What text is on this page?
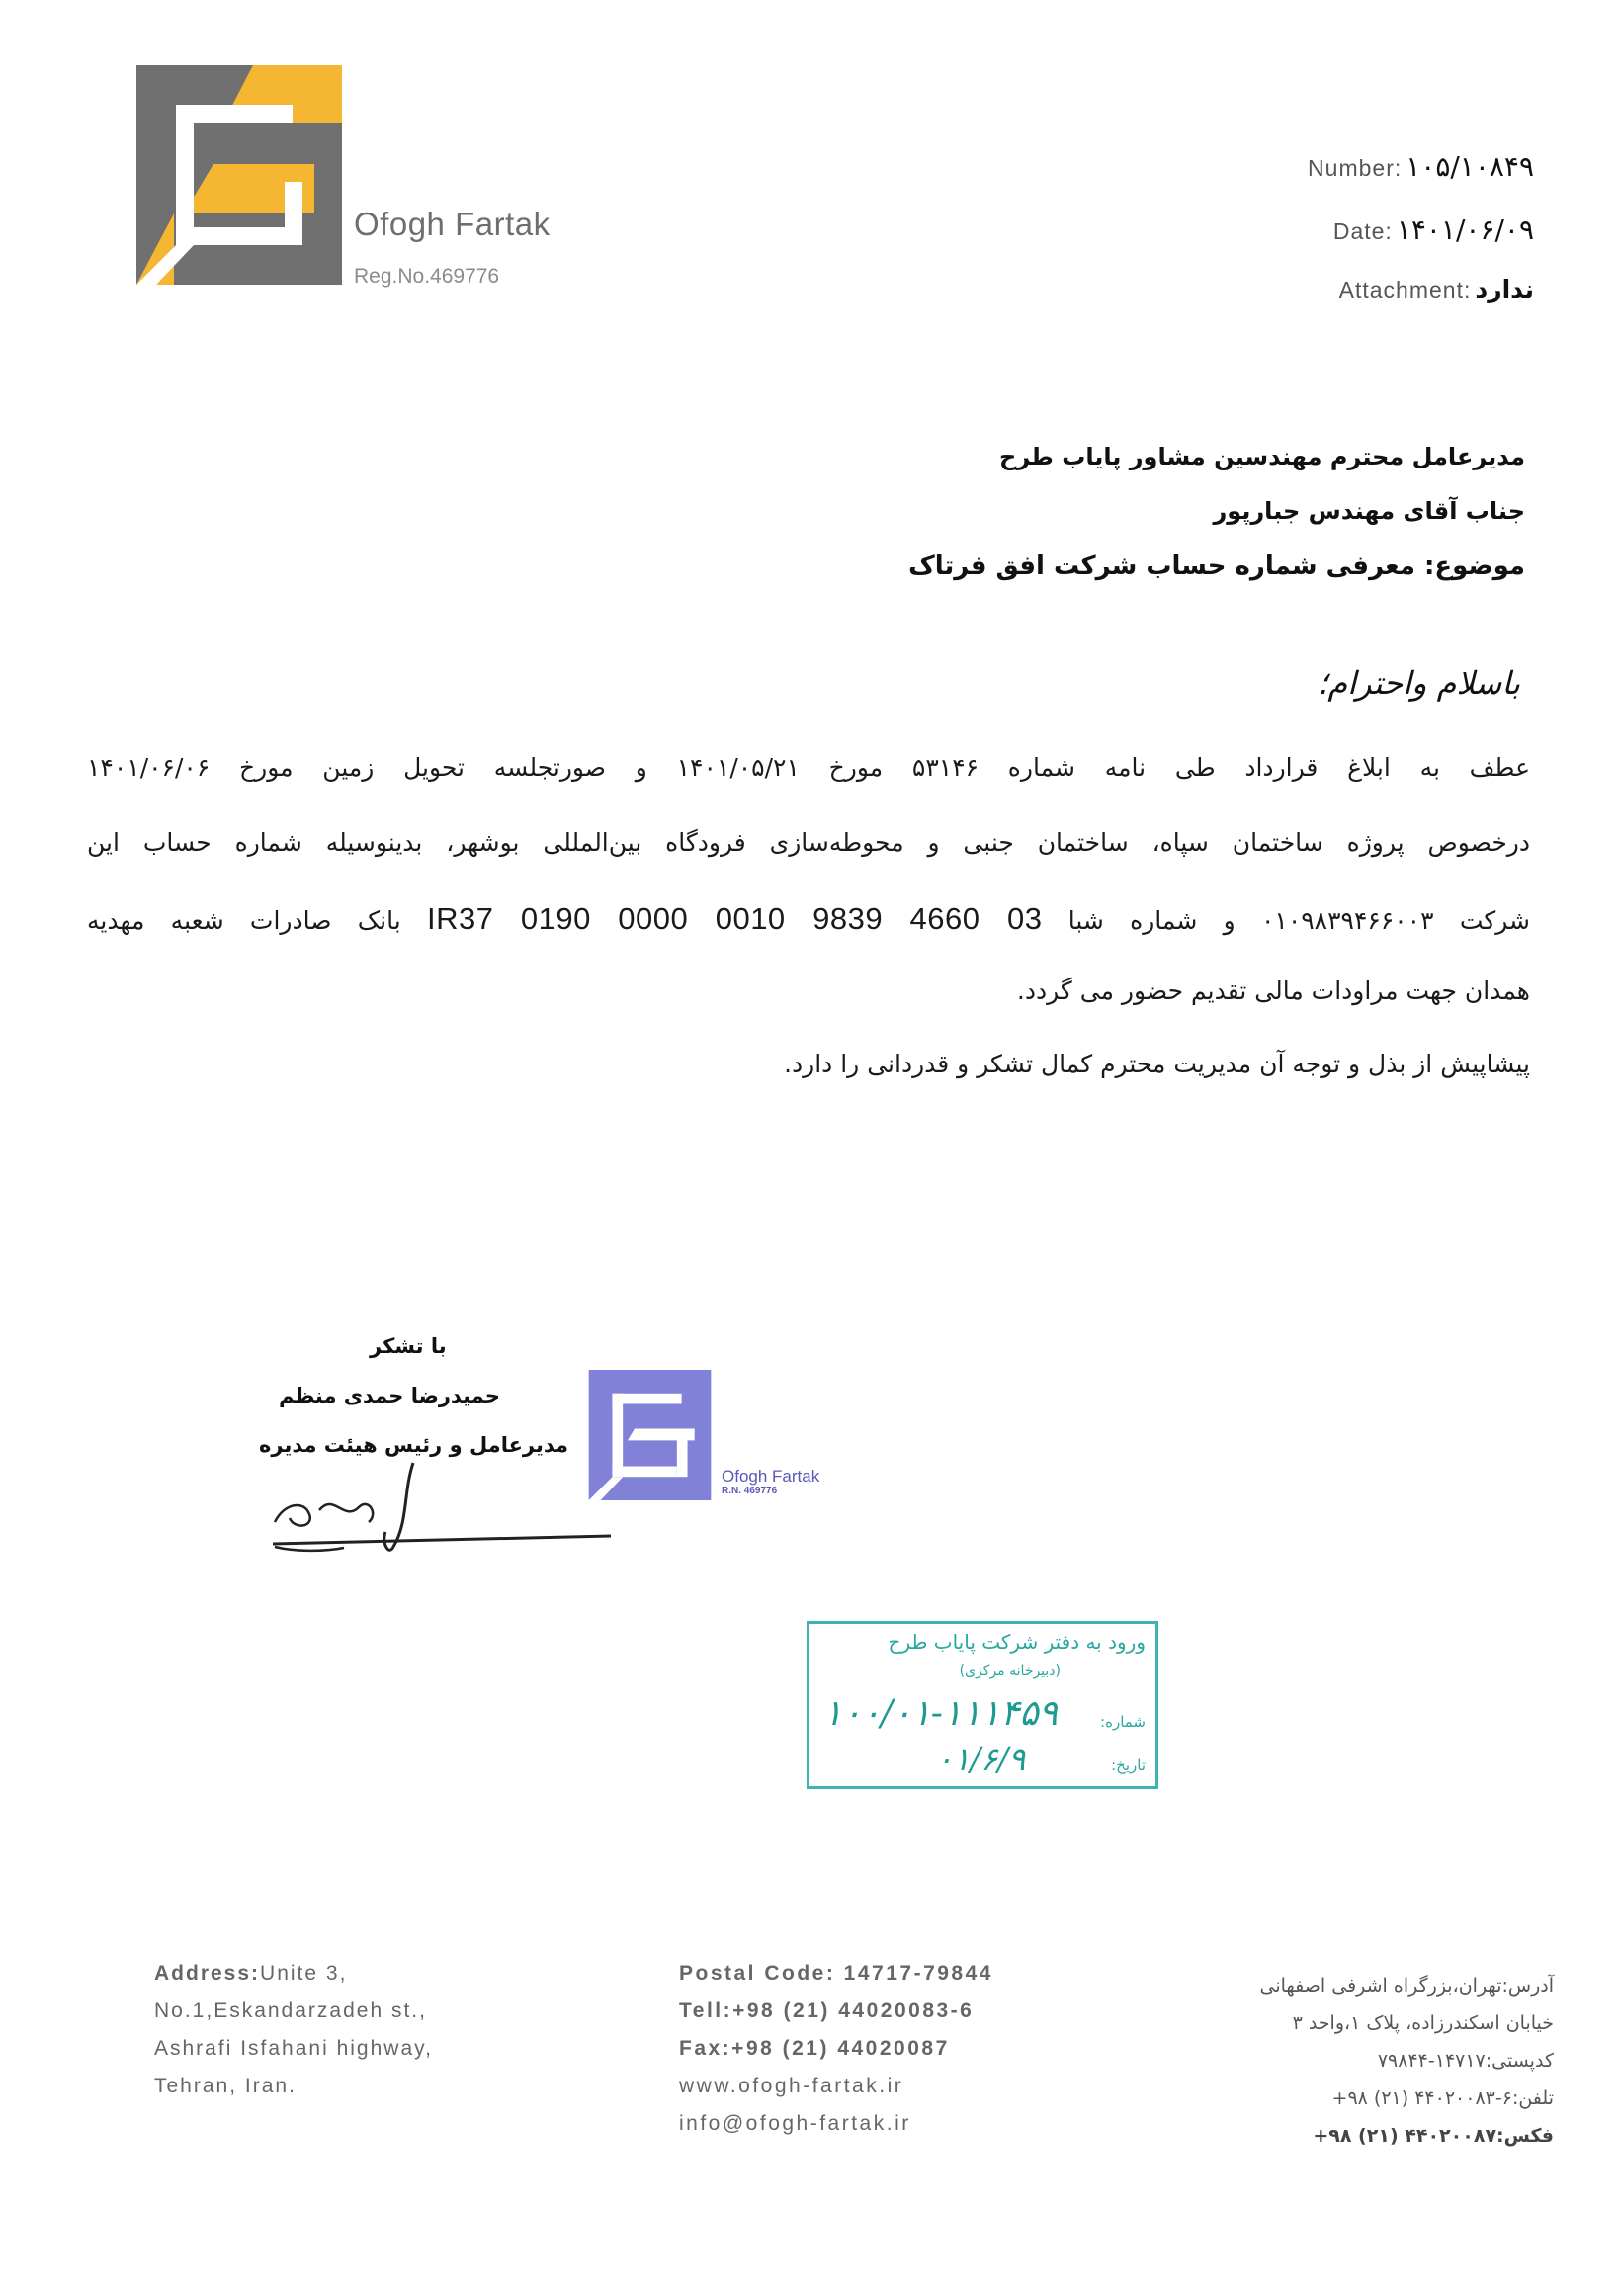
Ofogh Fartak
Reg.No.469776
Number: ۱۰۵/۱۰۸۴۹
Date: ۱۴۰۱/۰۶/۰۹
Attachment: ندارد
مدیرعامل محترم مهندسین مشاور پایاب طرح
جناب آقای مهندس جبارپور
موضوع: معرفی شماره حساب شرکت افق فرتاک
باسلام واحترام؛
عطف به ابلاغ قرارداد طی نامه شماره ۵۳۱۴۶ مورخ ۱۴۰۱/۰۵/۲۱ و صورتجلسه تحویل زمین مورخ ۱۴۰۱/۰۶/۰۶
درخصوص پروژه ساختمان سپاه، ساختمان جنبی و محوطه‌سازی فرودگاه بین‌المللی بوشهر، بدینوسیله شماره حساب این
شرکت ۰۱۰۹۸۳۹۴۶۶۰۰۳ و شماره شبا IR37 0190 0000 0010 9839 4660 03 بانک صادرات شعبه مهدیه
همدان جهت مراودات مالی تقدیم حضور می گردد.
پیشاپیش از بذل و توجه آن مدیریت محترم کمال تشکر و قدردانی را دارد.
با تشکر
حمیدرضا حمدی منظم
مدیرعامل و رئیس هیئت مدیره
Ofogh Fartak
R.N. 469776
ورود به دفتر شرکت پایاب طرح
(دبیرخانه مرکزی)
شماره:
۱۰۰/۰۱-۱۱۱۴۵۹
تاریخ:
۰۱/۶/۹
Address:Unite 3,
No.1,Eskandarzadeh st.,
Ashrafi Isfahani highway,
Tehran, Iran.
Postal Code: 14717-79844
Tell:+98 (21) 44020083-6
Fax:+98 (21) 44020087
www.ofogh-fartak.ir
info@ofogh-fartak.ir
آدرس:تهران،بزرگراه اشرفی اصفهانی
خیابان اسکندرزاده، پلاک ۱،واحد ۳
کدپستی:۱۴۷۱۷-۷۹۸۴۴
تلفن:۶-۴۴۰۲۰۰۸۳ (۲۱) ۹۸+
فکس:۴۴۰۲۰۰۸۷ (۲۱) ۹۸+
